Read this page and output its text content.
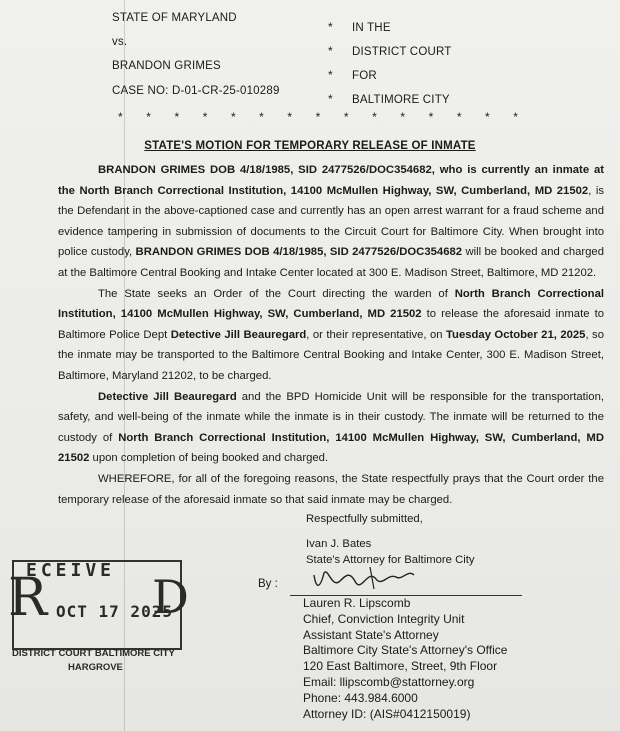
STATE OF MARYLAND
vs.
BRANDON GRIMES
CASE NO: D-01-CR-25-010289
*
*
*
*
IN THE
DISTRICT COURT
FOR
BALTIMORE CITY
* * * * * * * * * * * * * * *
STATE'S MOTION FOR TEMPORARY RELEASE OF INMATE

BRANDON GRIMES DOB 4/18/1985, SID 2477526/DOC354682, who is currently an inmate at the North Branch Correctional Institution, 14100 McMullen Highway, SW, Cumberland, MD 21502, is the Defendant in the above-captioned case and currently has an open arrest warrant for a fraud scheme and evidence tampering in submission of documents to the Circuit Court for Baltimore City. When brought into police custody, BRANDON GRIMES DOB 4/18/1985, SID 2477526/DOC354682 will be booked and charged at the Baltimore Central Booking and Intake Center located at 300 E. Madison Street, Baltimore, MD 21202.

The State seeks an Order of the Court directing the warden of North Branch Correctional Institution, 14100 McMullen Highway, SW, Cumberland, MD 21502 to release the aforesaid inmate to Baltimore Police Dept Detective Jill Beauregard, or their representative, on Tuesday October 21, 2025, so the inmate may be transported to the Baltimore Central Booking and Intake Center, 300 E. Madison Street, Baltimore, Maryland 21202, to be charged.

Detective Jill Beauregard and the BPD Homicide Unit will be responsible for the transportation, safety, and well-being of the inmate while the inmate is in their custody. The inmate will be returned to the custody of North Branch Correctional Institution, 14100 McMullen Highway, SW, Cumberland, MD 21502 upon completion of being booked and charged.

WHEREFORE, for all of the foregoing reasons, the State respectfully prays that the Court order the temporary release of the aforesaid inmate so that said inmate may be charged.

Respectfully submitted,
Ivan J. Bates
State's Attorney for Baltimore City
By :
Lauren R. Lipscomb
Chief, Conviction Integrity Unit
Assistant State's Attorney
Baltimore City State's Attorney's Office
120 East Baltimore, Street, 9th Floor
Email: llipscomb@stattorney.org
Phone: 443.984.6000
Attorney ID: (AIS#0412150019)
R
ECEIVE D
OCT 17 2025
DISTRICT COURT BALTIMORE CITY
HARGROVE
